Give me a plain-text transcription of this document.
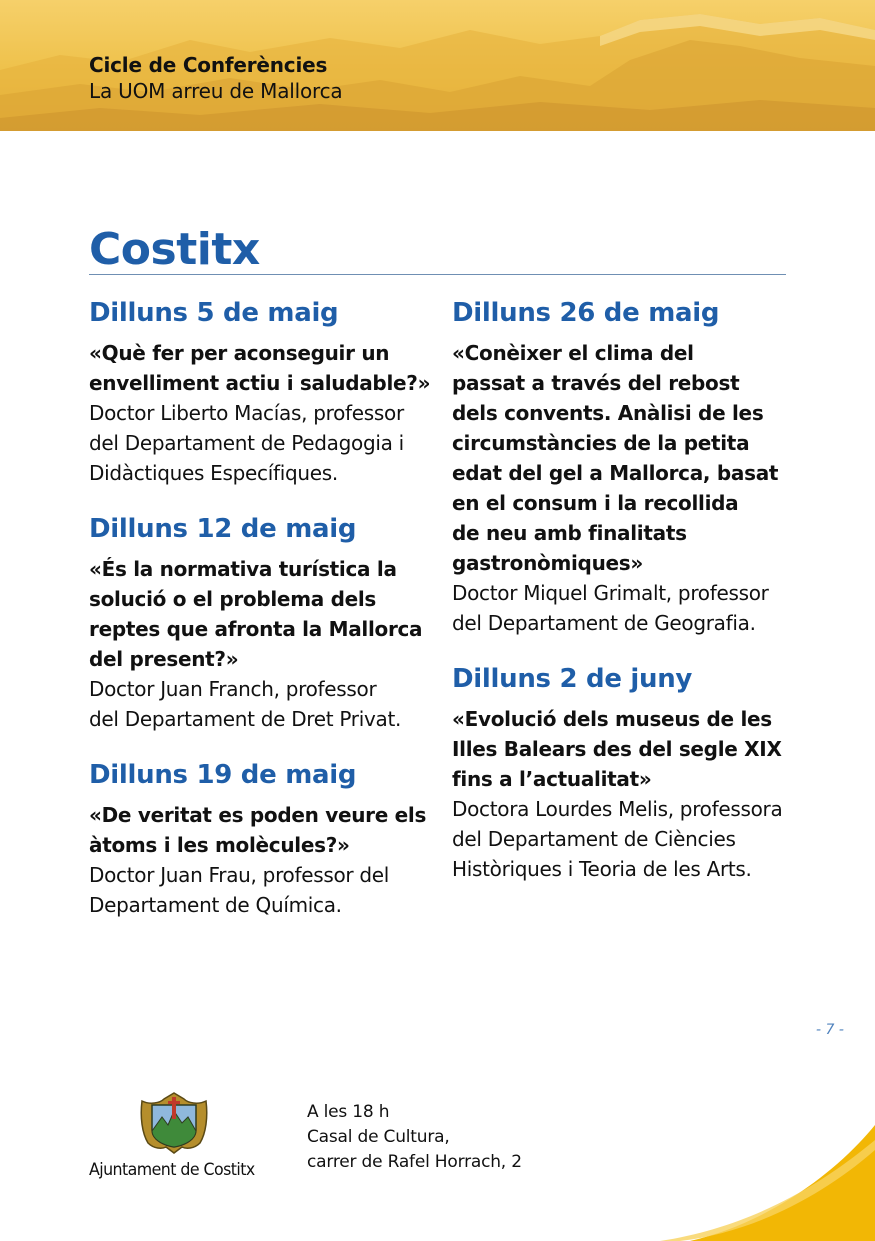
Cicle de Conferències

La UOM arreu de Mallorca

Costitx
Dilluns 5 de maig

«Què fer per aconseguir un
envelliment actiu i saludable?»

Doctor Liberto Macías, professor
del Departament de Pedagogia i
Didàctiques Específiques.

Dilluns 12 de maig

«És la normativa turística la
solució o el problema dels
reptes que afronta la Mallorca
del present?»

Doctor Juan Franch, professor
del Departament de Dret Privat.

Dilluns 19 de maig

«De veritat es poden veure els
àtoms i les molècules?»

Doctor Juan Frau, professor del
Departament de Química.

Dilluns 26 de maig

«Conèixer el clima del
passat a través del rebost
dels convents. Anàlisi de les
circumstàncies de la petita
edat del gel a Mallorca, basat
en el consum i la recollida
de neu amb finalitats
gastronòmiques»

Doctor Miquel Grimalt, professor
del Departament de Geografia.

Dilluns 2 de juny

«Evolució dels museus de les
Illes Balears des del segle XIX
fins a l’actualitat»

Doctora Lourdes Melis, professora
del Departament de Ciències
Històriques i Teoria de les Arts.

- 7 -

Ajuntament de Costitx

A les 18 h
Casal de Cultura,
carrer de Rafel Horrach, 2
